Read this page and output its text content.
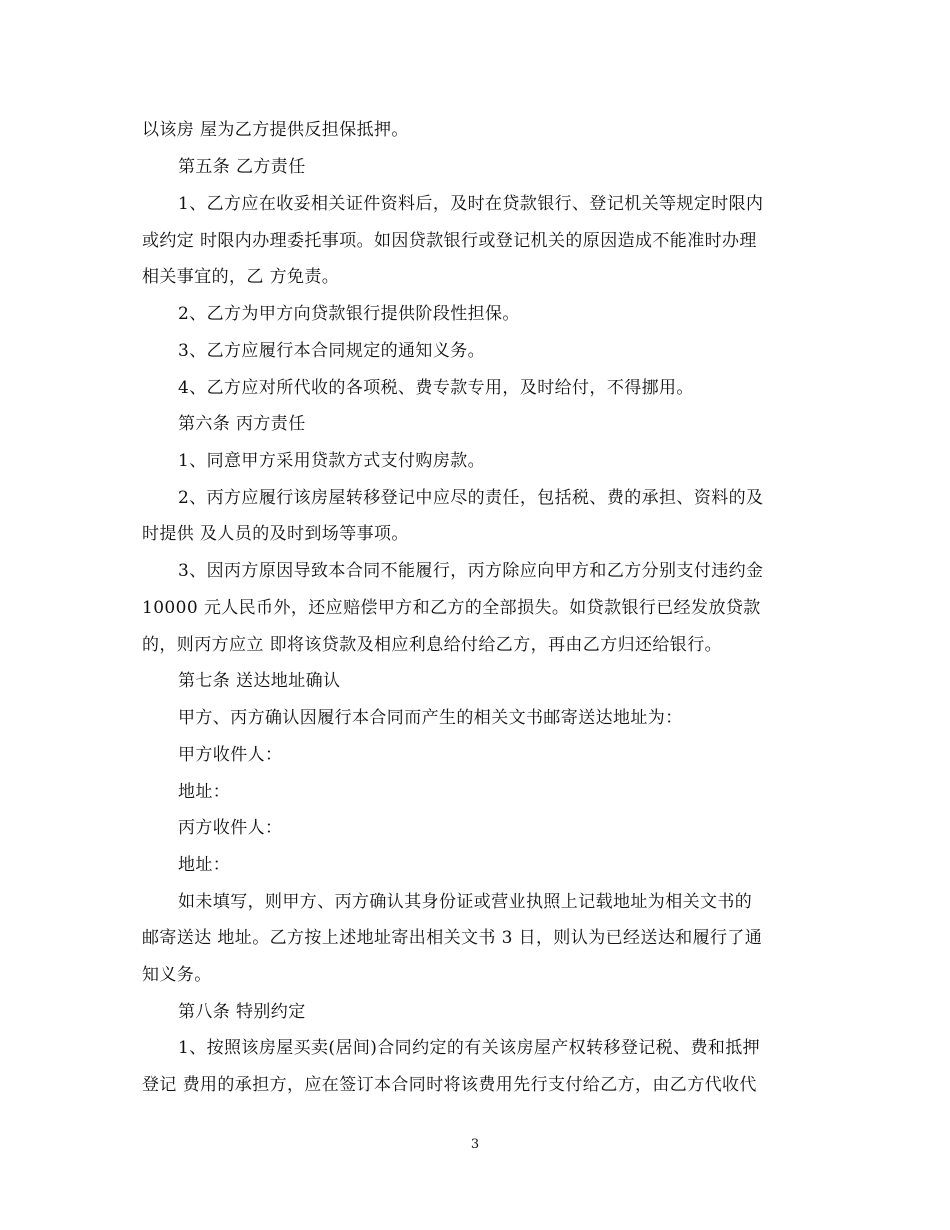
以该房 屋为乙方提供反担保抵押。
第五条 乙方责任
1、乙方应在收妥相关证件资料后，及时在贷款银行、登记机关等规定时限内
或约定 时限内办理委托事项。如因贷款银行或登记机关的原因造成不能准时办理
相关事宜的，乙 方免责。
2、乙方为甲方向贷款银行提供阶段性担保。
3、乙方应履行本合同规定的通知义务。
4、乙方应对所代收的各项税、费专款专用，及时给付，不得挪用。
第六条 丙方责任
1、同意甲方采用贷款方式支付购房款。
2、丙方应履行该房屋转移登记中应尽的责任，包括税、费的承担、资料的及
时提供 及人员的及时到场等事项。
3、因丙方原因导致本合同不能履行，丙方除应向甲方和乙方分别支付违约金
10000 元人民币外，还应赔偿甲方和乙方的全部损失。如贷款银行已经发放贷款
的，则丙方应立 即将该贷款及相应利息给付给乙方，再由乙方归还给银行。
第七条 送达地址确认
甲方、丙方确认因履行本合同而产生的相关文书邮寄送达地址为：
甲方收件人：
地址：
丙方收件人：
地址：
如未填写，则甲方、丙方确认其身份证或营业执照上记载地址为相关文书的
邮寄送达 地址。乙方按上述地址寄出相关文书 3 日，则认为已经送达和履行了通
知义务。
第八条 特别约定
1、按照该房屋买卖(居间)合同约定的有关该房屋产权转移登记税、费和抵押
登记 费用的承担方，应在签订本合同时将该费用先行支付给乙方，由乙方代收代
3
